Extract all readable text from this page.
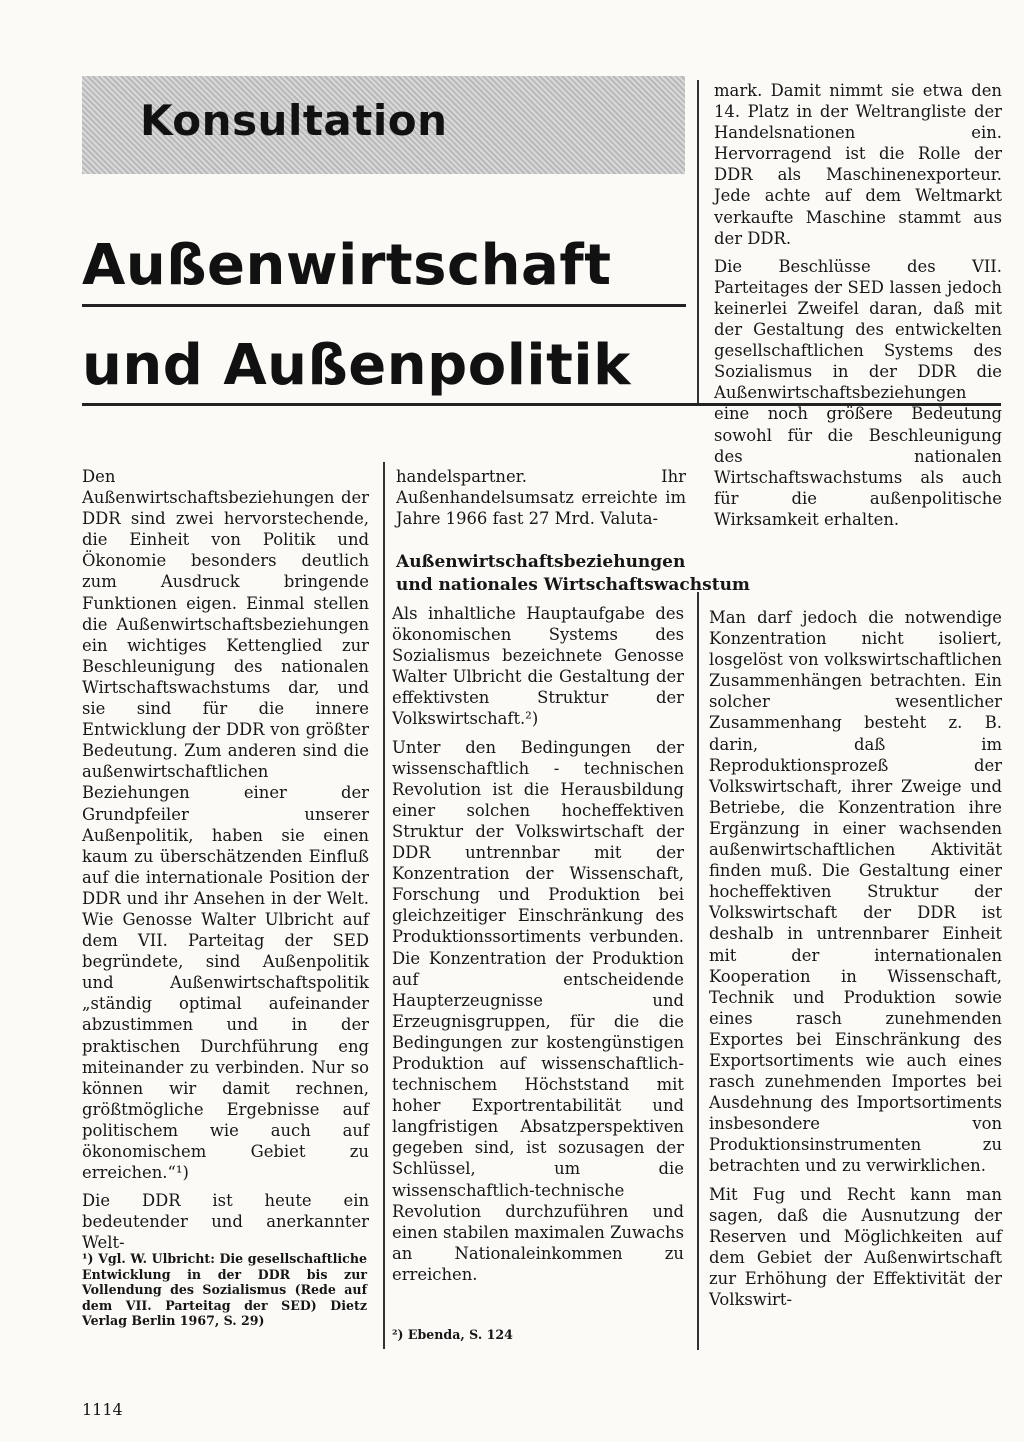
Konsultation
Außenwirtschaft
und Außenpolitik

mark. Damit nimmt sie etwa den 14. Platz in der Weltrangliste der Handelsnationen ein. Hervorragend ist die Rolle der DDR als Maschinenexporteur. Jede achte auf dem Weltmarkt verkaufte Maschine stammt aus der DDR.

Die Beschlüsse des VII. Parteitages der SED lassen jedoch keinerlei Zweifel daran, daß mit der Gestaltung des entwickelten gesellschaftlichen Systems des Sozialismus in der DDR die Außenwirtschaftsbeziehungen eine noch größere Bedeutung sowohl für die Beschleunigung des nationalen Wirtschaftswachstums als auch für die außenpolitische Wirksamkeit erhalten.

Den Außenwirtschaftsbeziehungen der DDR sind zwei hervorstechende, die Einheit von Politik und Ökonomie besonders deutlich zum Ausdruck bringende Funktionen eigen. Einmal stellen die Außenwirtschaftsbeziehungen ein wichtiges Kettenglied zur Beschleunigung des nationalen Wirtschaftswachstums dar, und sie sind für die innere Entwicklung der DDR von größter Bedeutung. Zum anderen sind die außenwirtschaftlichen Beziehungen einer der Grundpfeiler unserer Außenpolitik, haben sie einen kaum zu überschätzenden Einfluß auf die internationale Position der DDR und ihr Ansehen in der Welt. Wie Genosse Walter Ulbricht auf dem VII. Parteitag der SED begründete, sind Außenpolitik und Außenwirtschaftspolitik „ständig optimal aufeinander abzustimmen und in der praktischen Durchführung eng miteinander zu verbinden. Nur so können wir damit rechnen, größtmögliche Ergebnisse auf politischem wie auch auf ökonomischem Gebiet zu erreichen.“¹)

Die DDR ist heute ein bedeutender und anerkannter Welt-

¹) Vgl. W. Ulbricht: Die gesellschaftliche Entwicklung in der DDR bis zur Vollendung des Sozialismus (Rede auf dem VII. Parteitag der SED) Dietz Verlag Berlin 1967, S. 29)

1114

handelspartner. Ihr Außenhandelsumsatz erreichte im Jahre 1966 fast 27 Mrd. Valuta-

Außenwirtschaftsbeziehungen
und nationales Wirtschaftswachstum

Als inhaltliche Hauptaufgabe des ökonomischen Systems des Sozialismus bezeichnete Genosse Walter Ulbricht die Gestaltung der effektivsten Struktur der Volkswirtschaft.²)

Unter den Bedingungen der wissenschaftlich - technischen Revolution ist die Herausbildung einer solchen hocheffektiven Struktur der Volkswirtschaft der DDR untrennbar mit der Konzentration der Wissenschaft, Forschung und Produktion bei gleichzeitiger Einschränkung des Produktionssortiments verbunden. Die Konzentration der Produktion auf entscheidende Haupterzeugnisse und Erzeugnisgruppen, für die die Bedingungen zur kostengünstigen Produktion auf wissenschaftlich-technischem Höchststand mit hoher Exportrentabilität und langfristigen Absatzperspektiven gegeben sind, ist sozusagen der Schlüssel, um die wissenschaftlich-technische Revolution durchzuführen und einen stabilen maximalen Zuwachs an Nationaleinkommen zu erreichen.

²) Ebenda, S. 124

Man darf jedoch die notwendige Konzentration nicht isoliert, losgelöst von volkswirtschaftlichen Zusammenhängen betrachten. Ein solcher wesentlicher Zusammenhang besteht z. B. darin, daß im Reproduktionsprozeß der Volkswirtschaft, ihrer Zweige und Betriebe, die Konzentration ihre Ergänzung in einer wachsenden außenwirtschaftlichen Aktivität finden muß. Die Gestaltung einer hocheffektiven Struktur der Volkswirtschaft der DDR ist deshalb in untrennbarer Einheit mit der internationalen Kooperation in Wissenschaft, Technik und Produktion sowie eines rasch zunehmenden Exportes bei Einschränkung des Exportsortiments wie auch eines rasch zunehmenden Importes bei Ausdehnung des Importsortiments insbesondere von Produktionsinstrumenten zu betrachten und zu verwirklichen.

Mit Fug und Recht kann man sagen, daß die Ausnutzung der Reserven und Möglichkeiten auf dem Gebiet der Außenwirtschaft zur Erhöhung der Effektivität der Volkswirt-
